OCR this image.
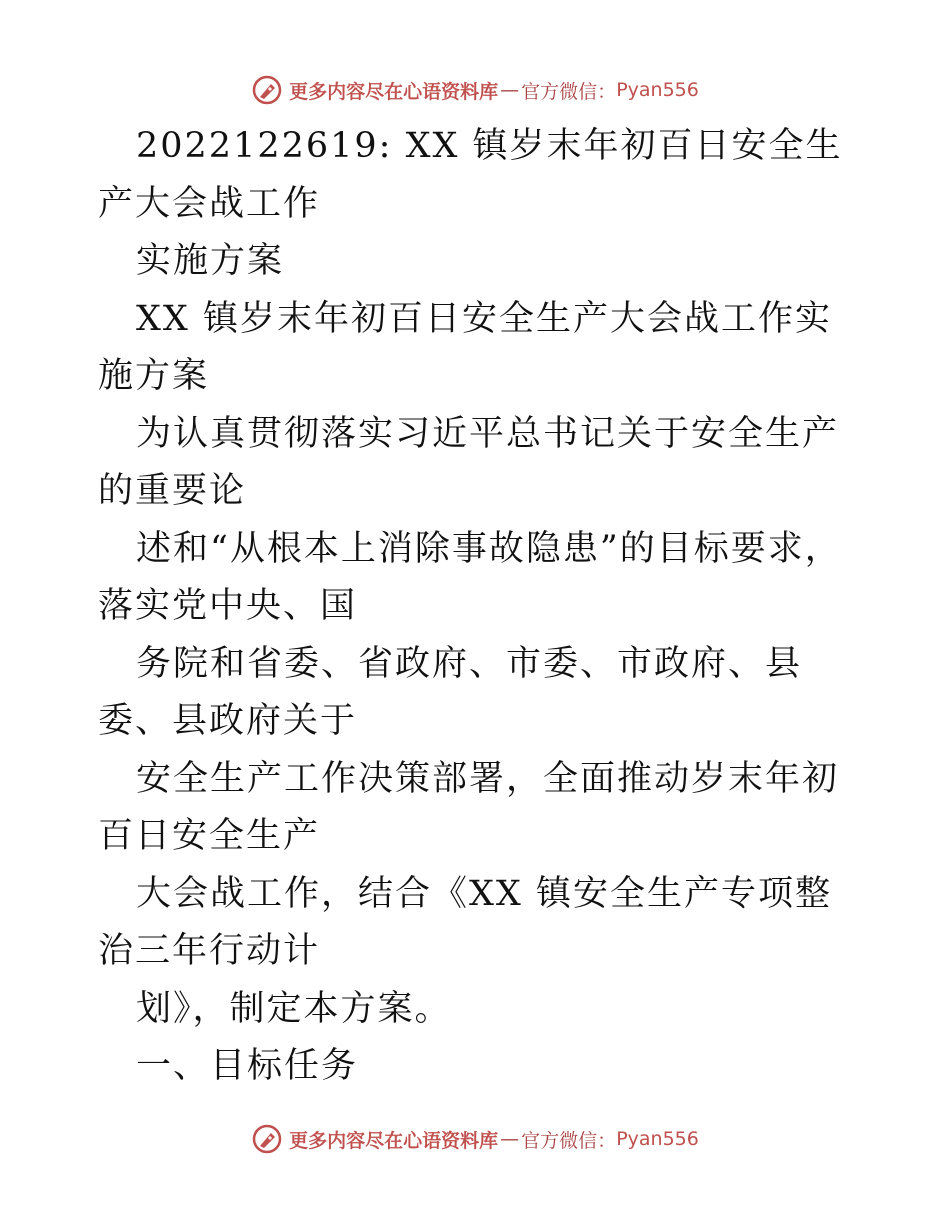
更多内容尽在心语资料库 — 官方微信： Pyan556

2022122619: XX 镇岁末年初百日安全生产大会战工作

实施方案

XX 镇岁末年初百日安全生产大会战工作实施方案

为认真贯彻落实习近平总书记关于安全生产的重要论

述和“从根本上消除事故隐患”的目标要求，落实党中央、国

务院和省委、省政府、市委、市政府、县委、县政府关于

安全生产工作决策部署，全面推动岁末年初百日安全生产

大会战工作，结合《XX 镇安全生产专项整治三年行动计

划》，制定本方案。

一、目标任务

更多内容尽在心语资料库 — 官方微信： Pyan556
